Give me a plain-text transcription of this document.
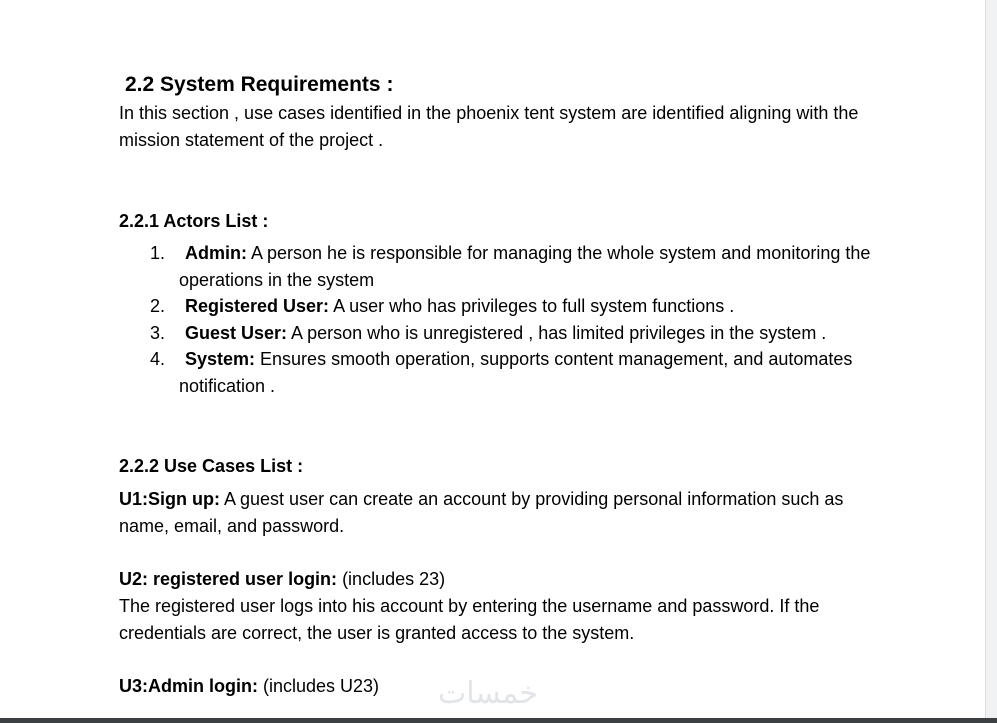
2.2 System Requirements :

In this section , use cases identified in the phoenix tent system are identified aligning with the mission statement of the project .

2.2.1 Actors List :
1. Admin: A person he is responsible for managing the whole system and monitoring the operations in the system
2. Registered User: A user who has privileges to full system functions .
3. Guest User: A person who is unregistered , has limited privileges in the system .
4. System: Ensures smooth operation, supports content management, and automates notification .
2.2.2 Use Cases List :

U1:Sign up: A guest user can create an account by providing personal information such as name, email, and password.

U2: registered user login: (includes 23)

The registered user logs into his account by entering the username and password. If the credentials are correct, the user is granted access to the system.

U3:Admin login: (includes U23)	خمسات
